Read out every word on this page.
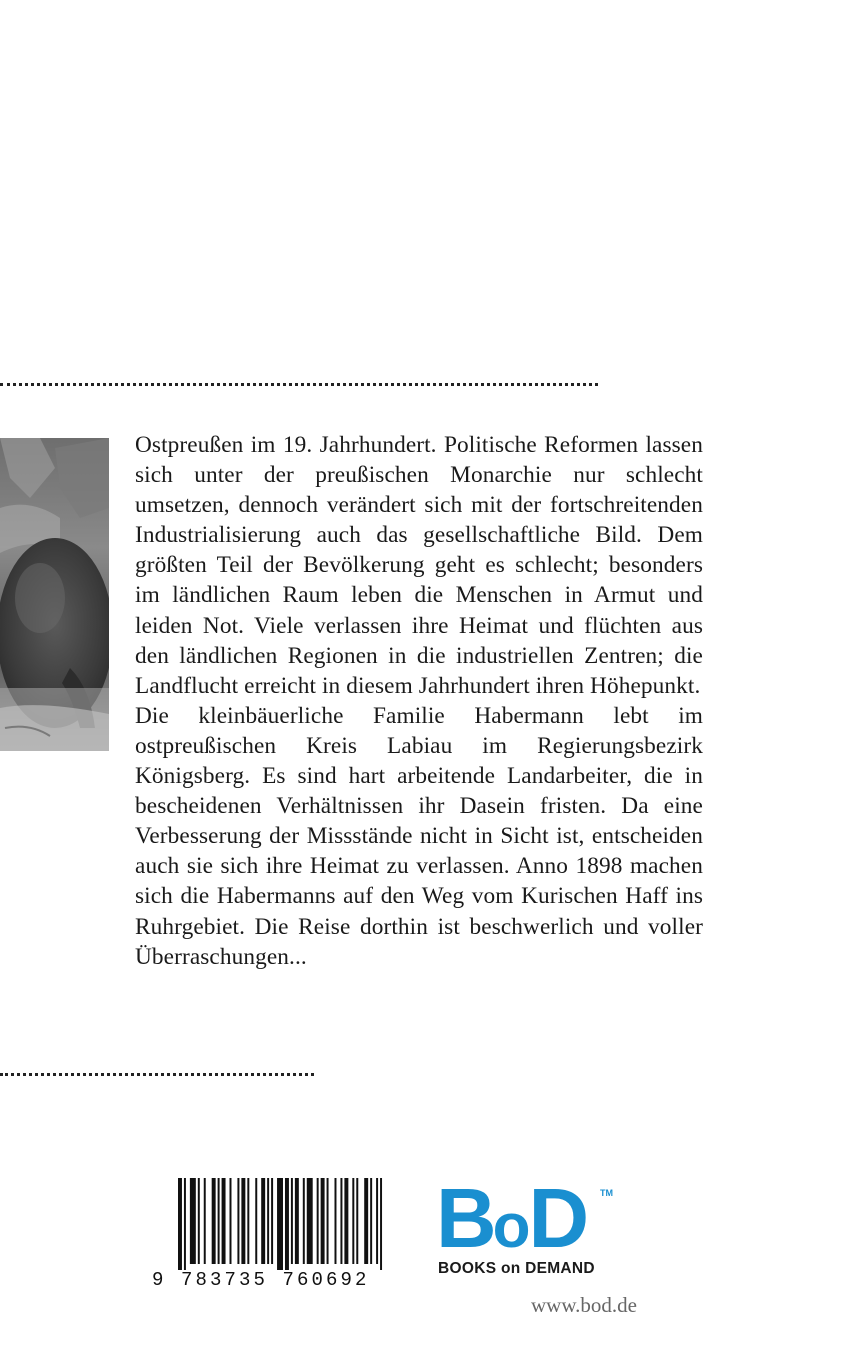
Ostpreußen im 19. Jahrhundert. Politische Reformen lassen sich unter der preußischen Monarchie nur schlecht umsetzen, dennoch verändert sich mit der fortschreitenden Industrialisierung auch das gesellschaftliche Bild. Dem größten Teil der Bevölkerung geht es schlecht; besonders im ländlichen Raum leben die Menschen in Armut und leiden Not. Viele verlassen ihre Heimat und flüchten aus den ländlichen Regionen in die industriellen Zentren; die Landflucht erreicht in diesem Jahrhundert ihren Höhepunkt.

Die kleinbäuerliche Familie Habermann lebt im ostpreußischen Kreis Labiau im Regierungsbezirk Königsberg. Es sind hart arbeitende Landarbeiter, die in bescheidenen Verhältnissen ihr Dasein fristen. Da eine Verbesserung der Missstände nicht in Sicht ist, entscheiden auch sie sich ihre Heimat zu verlassen. Anno 1898 machen sich die Habermanns auf den Weg vom Kurischen Haff ins Ruhrgebiet. Die Reise dorthin ist beschwerlich und voller Überraschungen...

9 783735 760692
BoD TM
BOOKS on DEMAND
www.bod.de
